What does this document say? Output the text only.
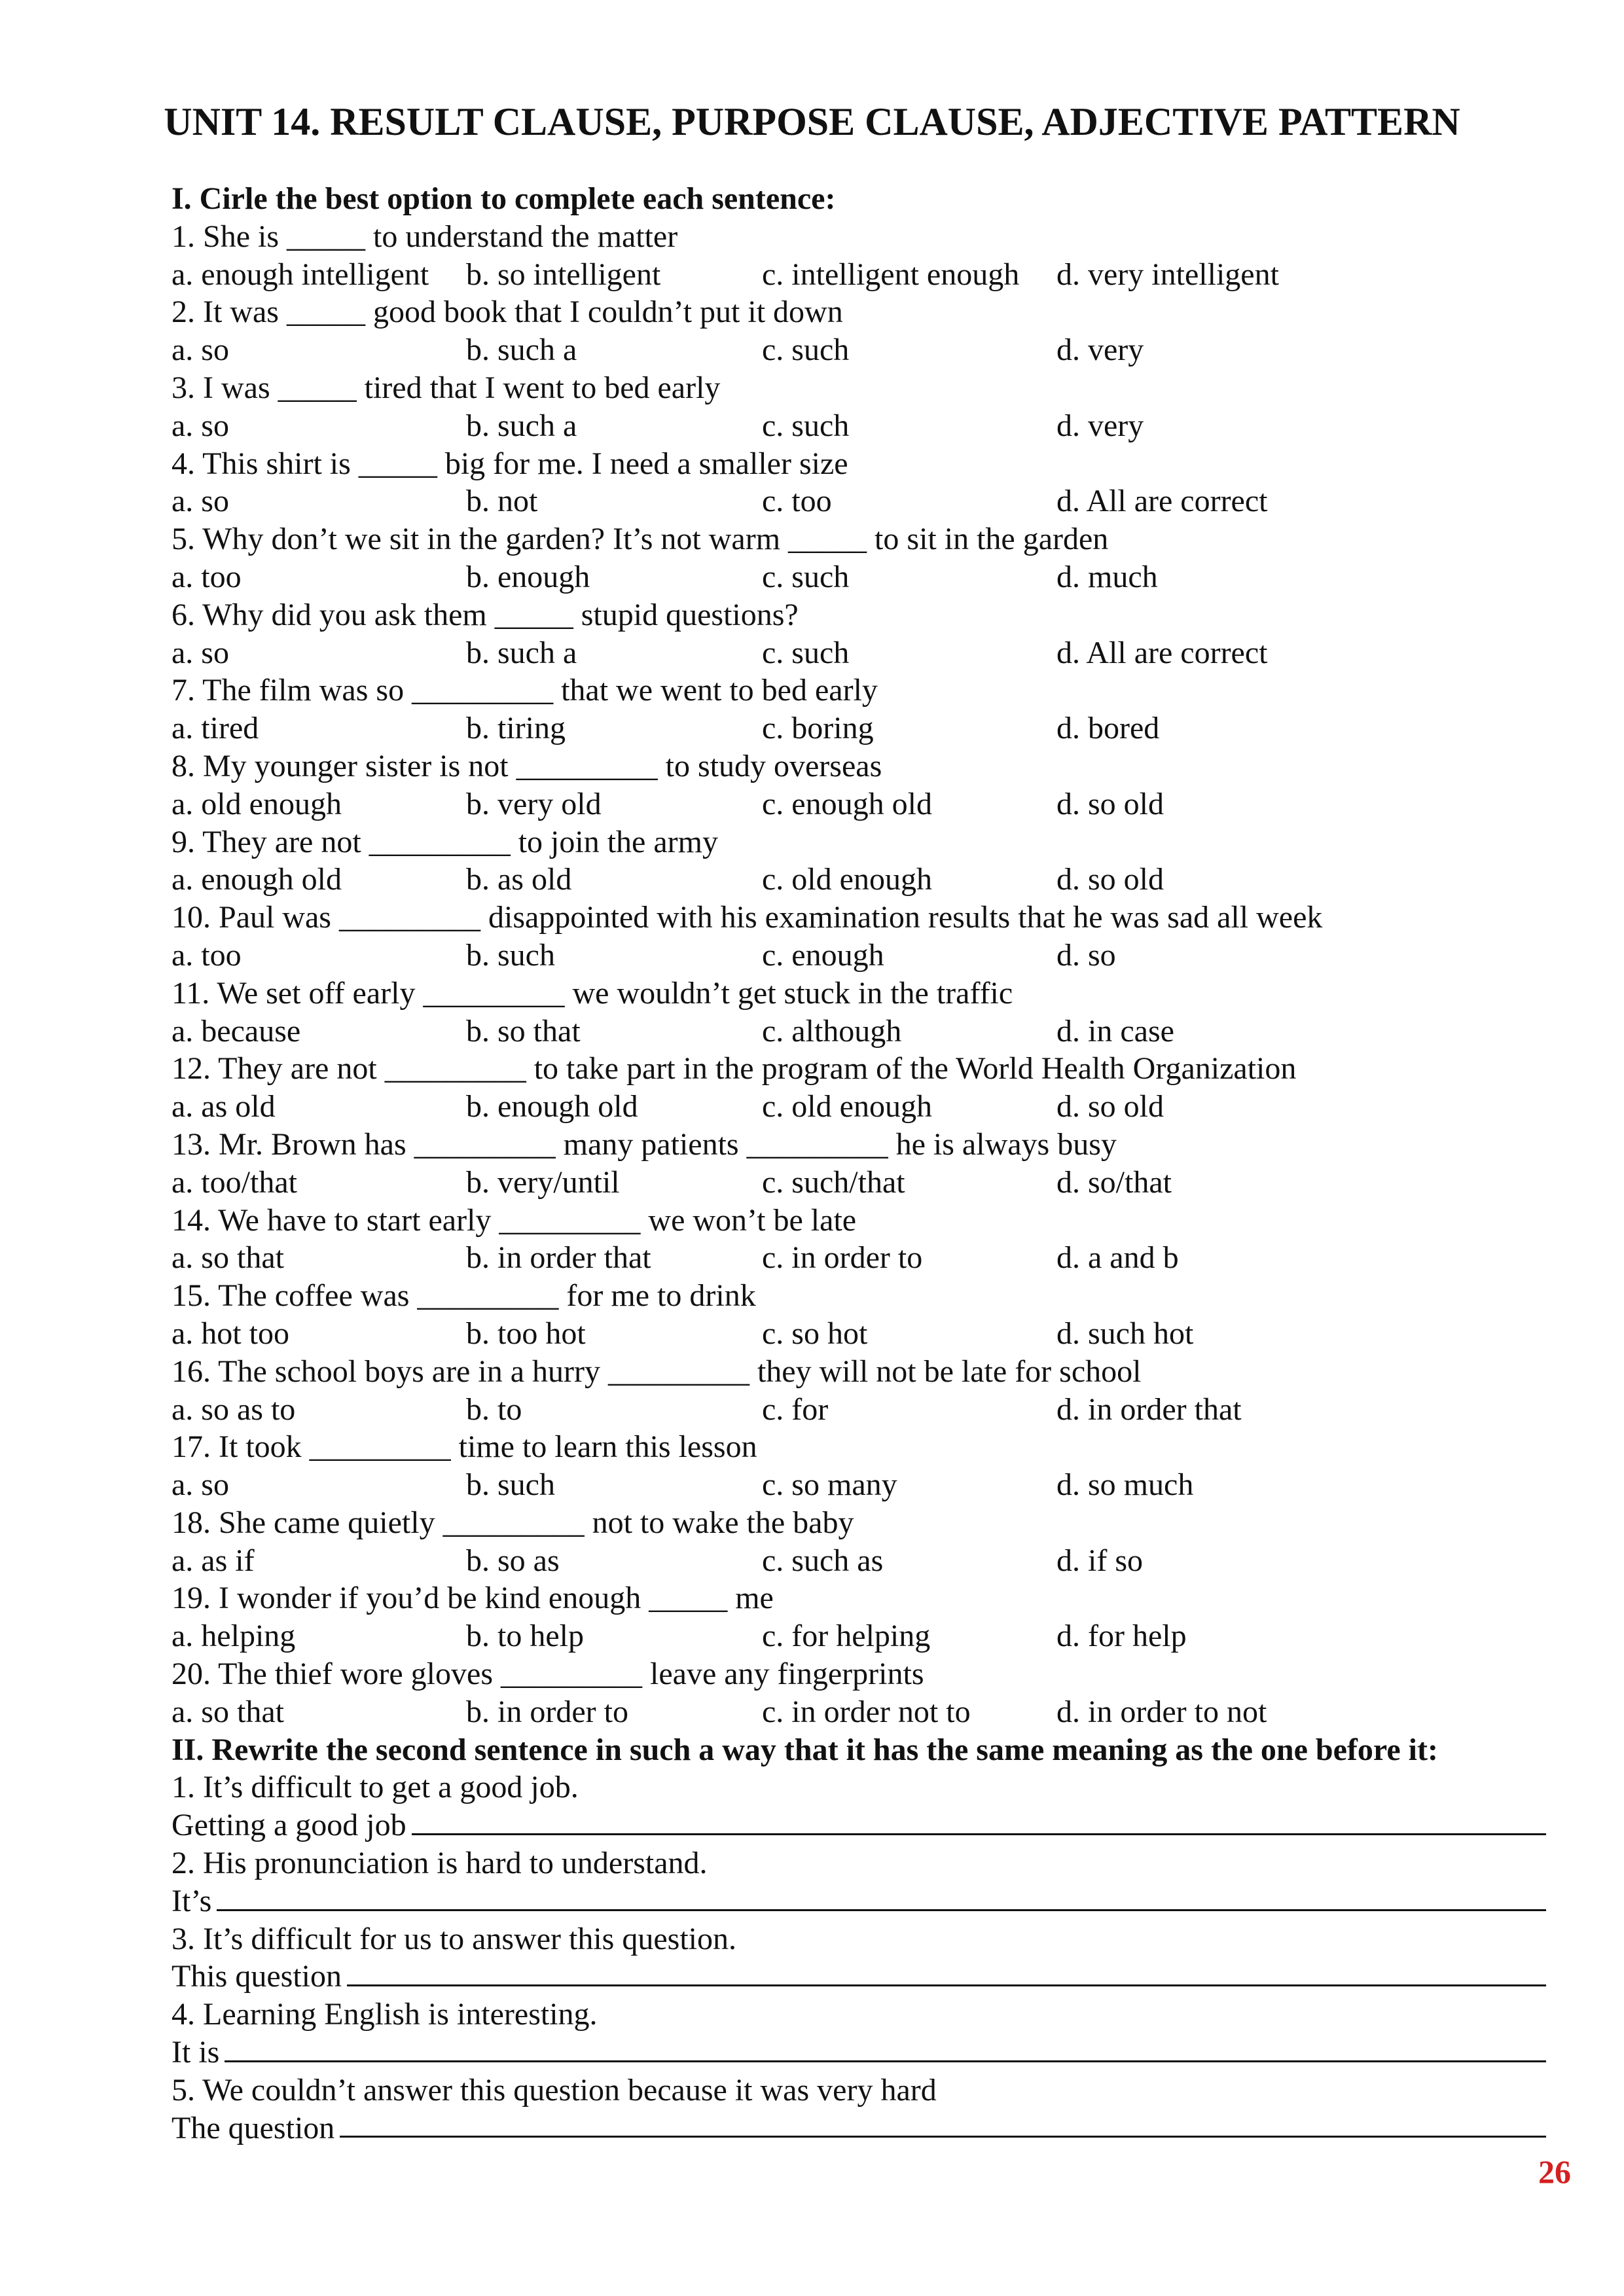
UNIT 14. RESULT CLAUSE, PURPOSE CLAUSE, ADJECTIVE PATTERN
I. Cirle the best option to complete each sentence:
1. She is _____ to understand the matter
a. enough intelligent b. so intelligent	c. intelligent enough d. very intelligent
2. It was _____ good book that I couldn’t put it down
a. so	b. such a	c. such	d. very
3. I was _____ tired that I went to bed early
a. so	b. such a	c. such	d. very
4. This shirt is _____ big for me. I need a smaller size
a. so	b. not	c. too	d. All are correct
5. Why don’t we sit in the garden? It’s not warm _____ to sit in the garden
a. too	b. enough	c. such	d. much
6. Why did you ask them _____ stupid questions?
a. so	b. such a	c. such	d. All are correct
7. The film was so _________ that we went to bed early
a. tired	b. tiring	c. boring	d. bored
8. My younger sister is not _________ to study overseas
a. old enough	b. very old	c. enough old	d. so old
9. They are not _________ to join the army
a. enough old	b. as old	c. old enough	d. so old
10. Paul was _________ disappointed with his examination results that he was sad all week
a. too	b. such	c. enough	d. so
11. We set off early _________ we wouldn’t get stuck in the traffic
a. because	b. so that	c. although	d. in case
12. They are not _________ to take part in the program of the World Health Organization
a. as old	b. enough old	c. old enough	d. so old
13. Mr. Brown has _________ many patients _________ he is always busy
a. too/that	b. very/until	c. such/that	d. so/that
14. We have to start early _________ we won’t be late
a. so that	b. in order that	c. in order to	d. a and b
15. The coffee was _________ for me to drink
a. hot too	b. too hot	c. so hot	d. such hot
16. The school boys are in a hurry _________ they will not be late for school
a. so as to	b. to	c. for	d. in order that
17. It took _________ time to learn this lesson
a. so	b. such	c. so many	d. so much
18. She came quietly _________ not to wake the baby
a. as if	b. so as	c. such as	d. if so
19. I wonder if you’d be kind enough _____ me
a. helping	b. to help	c. for helping	d. for help
20. The thief wore gloves _________ leave any fingerprints
a. so that	b. in order to	c. in order not to	d. in order to not
II. Rewrite the second sentence in such a way that it has the same meaning as the one before it:
1. It’s difficult to get a good job.
Getting a good job
2. His pronunciation is hard to understand.
It’s
3. It’s difficult for us to answer this question.
This question
4. Learning English is interesting.
It is
5. We couldn’t answer this question because it was very hard
The question
26
